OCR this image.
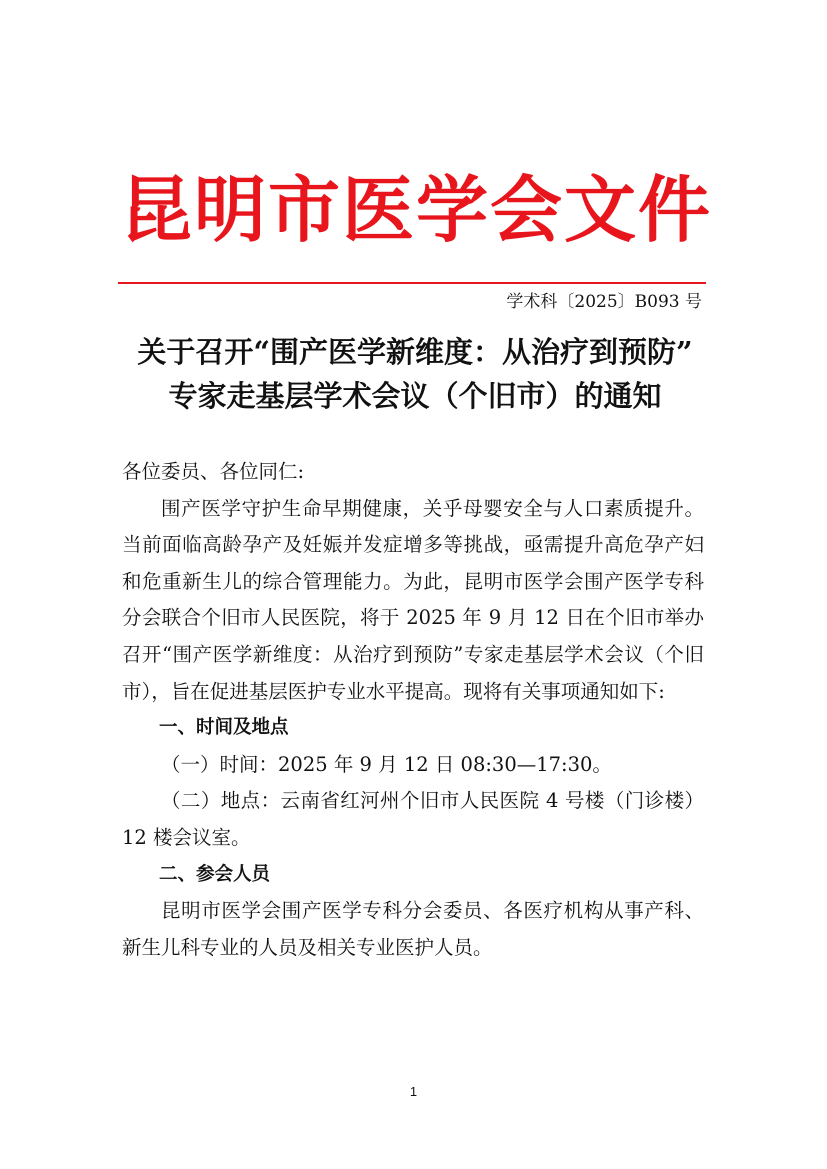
昆明市医学会文件
学术科〔2025〕B093 号
关于召开“围产医学新维度：从治疗到预防”
专家走基层学术会议（个旧市）的通知

各位委员、各位同仁:

围产医学守护生命早期健康，关乎母婴安全与人口素质提升。当前面临高龄孕产及妊娠并发症增多等挑战，亟需提升高危孕产妇和危重新生儿的综合管理能力。为此，昆明市医学会围产医学专科分会联合个旧市人民医院，将于 2025 年 9 月 12 日在个旧市举办召开“围产医学新维度：从治疗到预防”专家走基层学术会议（个旧市），旨在促进基层医护专业水平提高。现将有关事项通知如下:

一、时间及地点

（一）时间：2025 年 9 月 12 日 08:30—17:30。

（二）地点：云南省红河州个旧市人民医院 4 号楼（门诊楼）12 楼会议室。

二、参会人员

昆明市医学会围产医学专科分会委员、各医疗机构从事产科、新生儿科专业的人员及相关专业医护人员。

1
